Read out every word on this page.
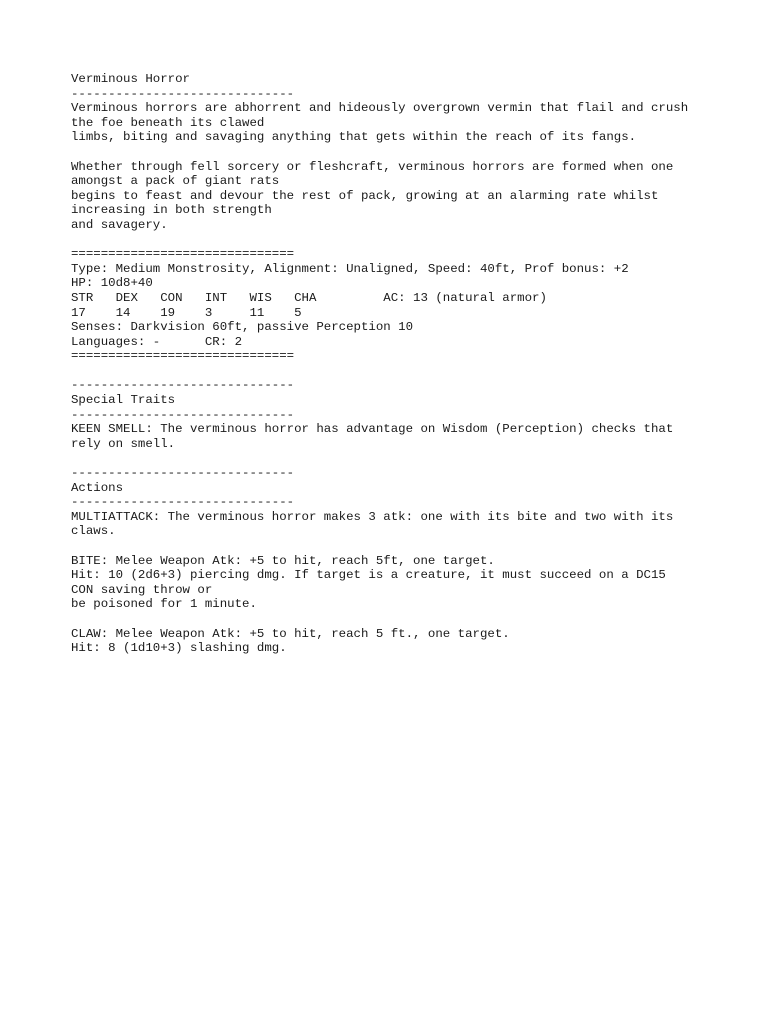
Verminous Horror
------------------------------
Verminous horrors are abhorrent and hideously overgrown vermin that flail and crush
the foe beneath its clawed
limbs, biting and savaging anything that gets within the reach of its fangs.
Whether through fell sorcery or fleshcraft, verminous horrors are formed when one
amongst a pack of giant rats
begins to feast and devour the rest of pack, growing at an alarming rate whilst
increasing in both strength
and savagery.
==============================
Type: Medium Monstrosity, Alignment: Unaligned, Speed: 40ft, Prof bonus: +2
HP: 10d8+40
STR   DEX   CON   INT   WIS   CHA         AC: 13 (natural armor)
17    14    19    3     11    5
Senses: Darkvision 60ft, passive Perception 10
Languages: -      CR: 2
==============================
------------------------------
Special Traits
------------------------------
KEEN SMELL: The verminous horror has advantage on Wisdom (Perception) checks that
rely on smell.
------------------------------
Actions
------------------------------
MULTIATTACK: The verminous horror makes 3 atk: one with its bite and two with its
claws.
BITE: Melee Weapon Atk: +5 to hit, reach 5ft, one target.
Hit: 10 (2d6+3) piercing dmg. If target is a creature, it must succeed on a DC15
CON saving throw or
be poisoned for 1 minute.
CLAW: Melee Weapon Atk: +5 to hit, reach 5 ft., one target.
Hit: 8 (1d10+3) slashing dmg.
